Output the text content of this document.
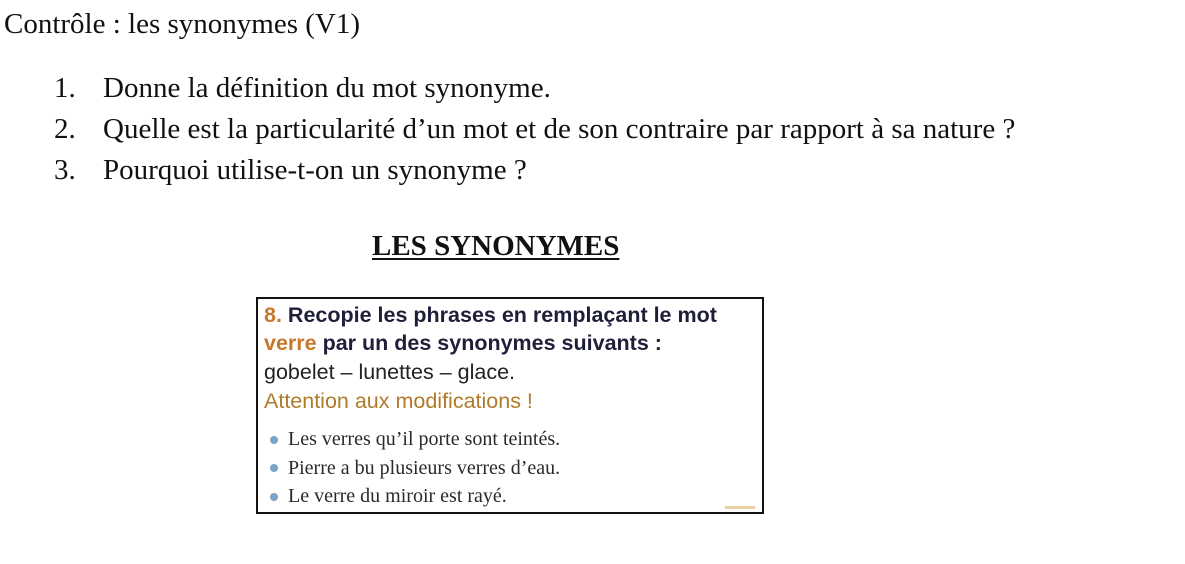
Contrôle : les synonymes (V1)
1. Donne la définition du mot synonyme.
2. Quelle est la particularité d’un mot et de son contraire par rapport à sa nature ?
3. Pourquoi utilise-t-on un synonyme ?
LES SYNONYMES
8. Recopie les phrases en remplaçant le mot
verre par un des synonymes suivants :
gobelet – lunettes – glace.
Attention aux modifications !
Les verres qu’il porte sont teintés.
Pierre a bu plusieurs verres d’eau.
Le verre du miroir est rayé.
